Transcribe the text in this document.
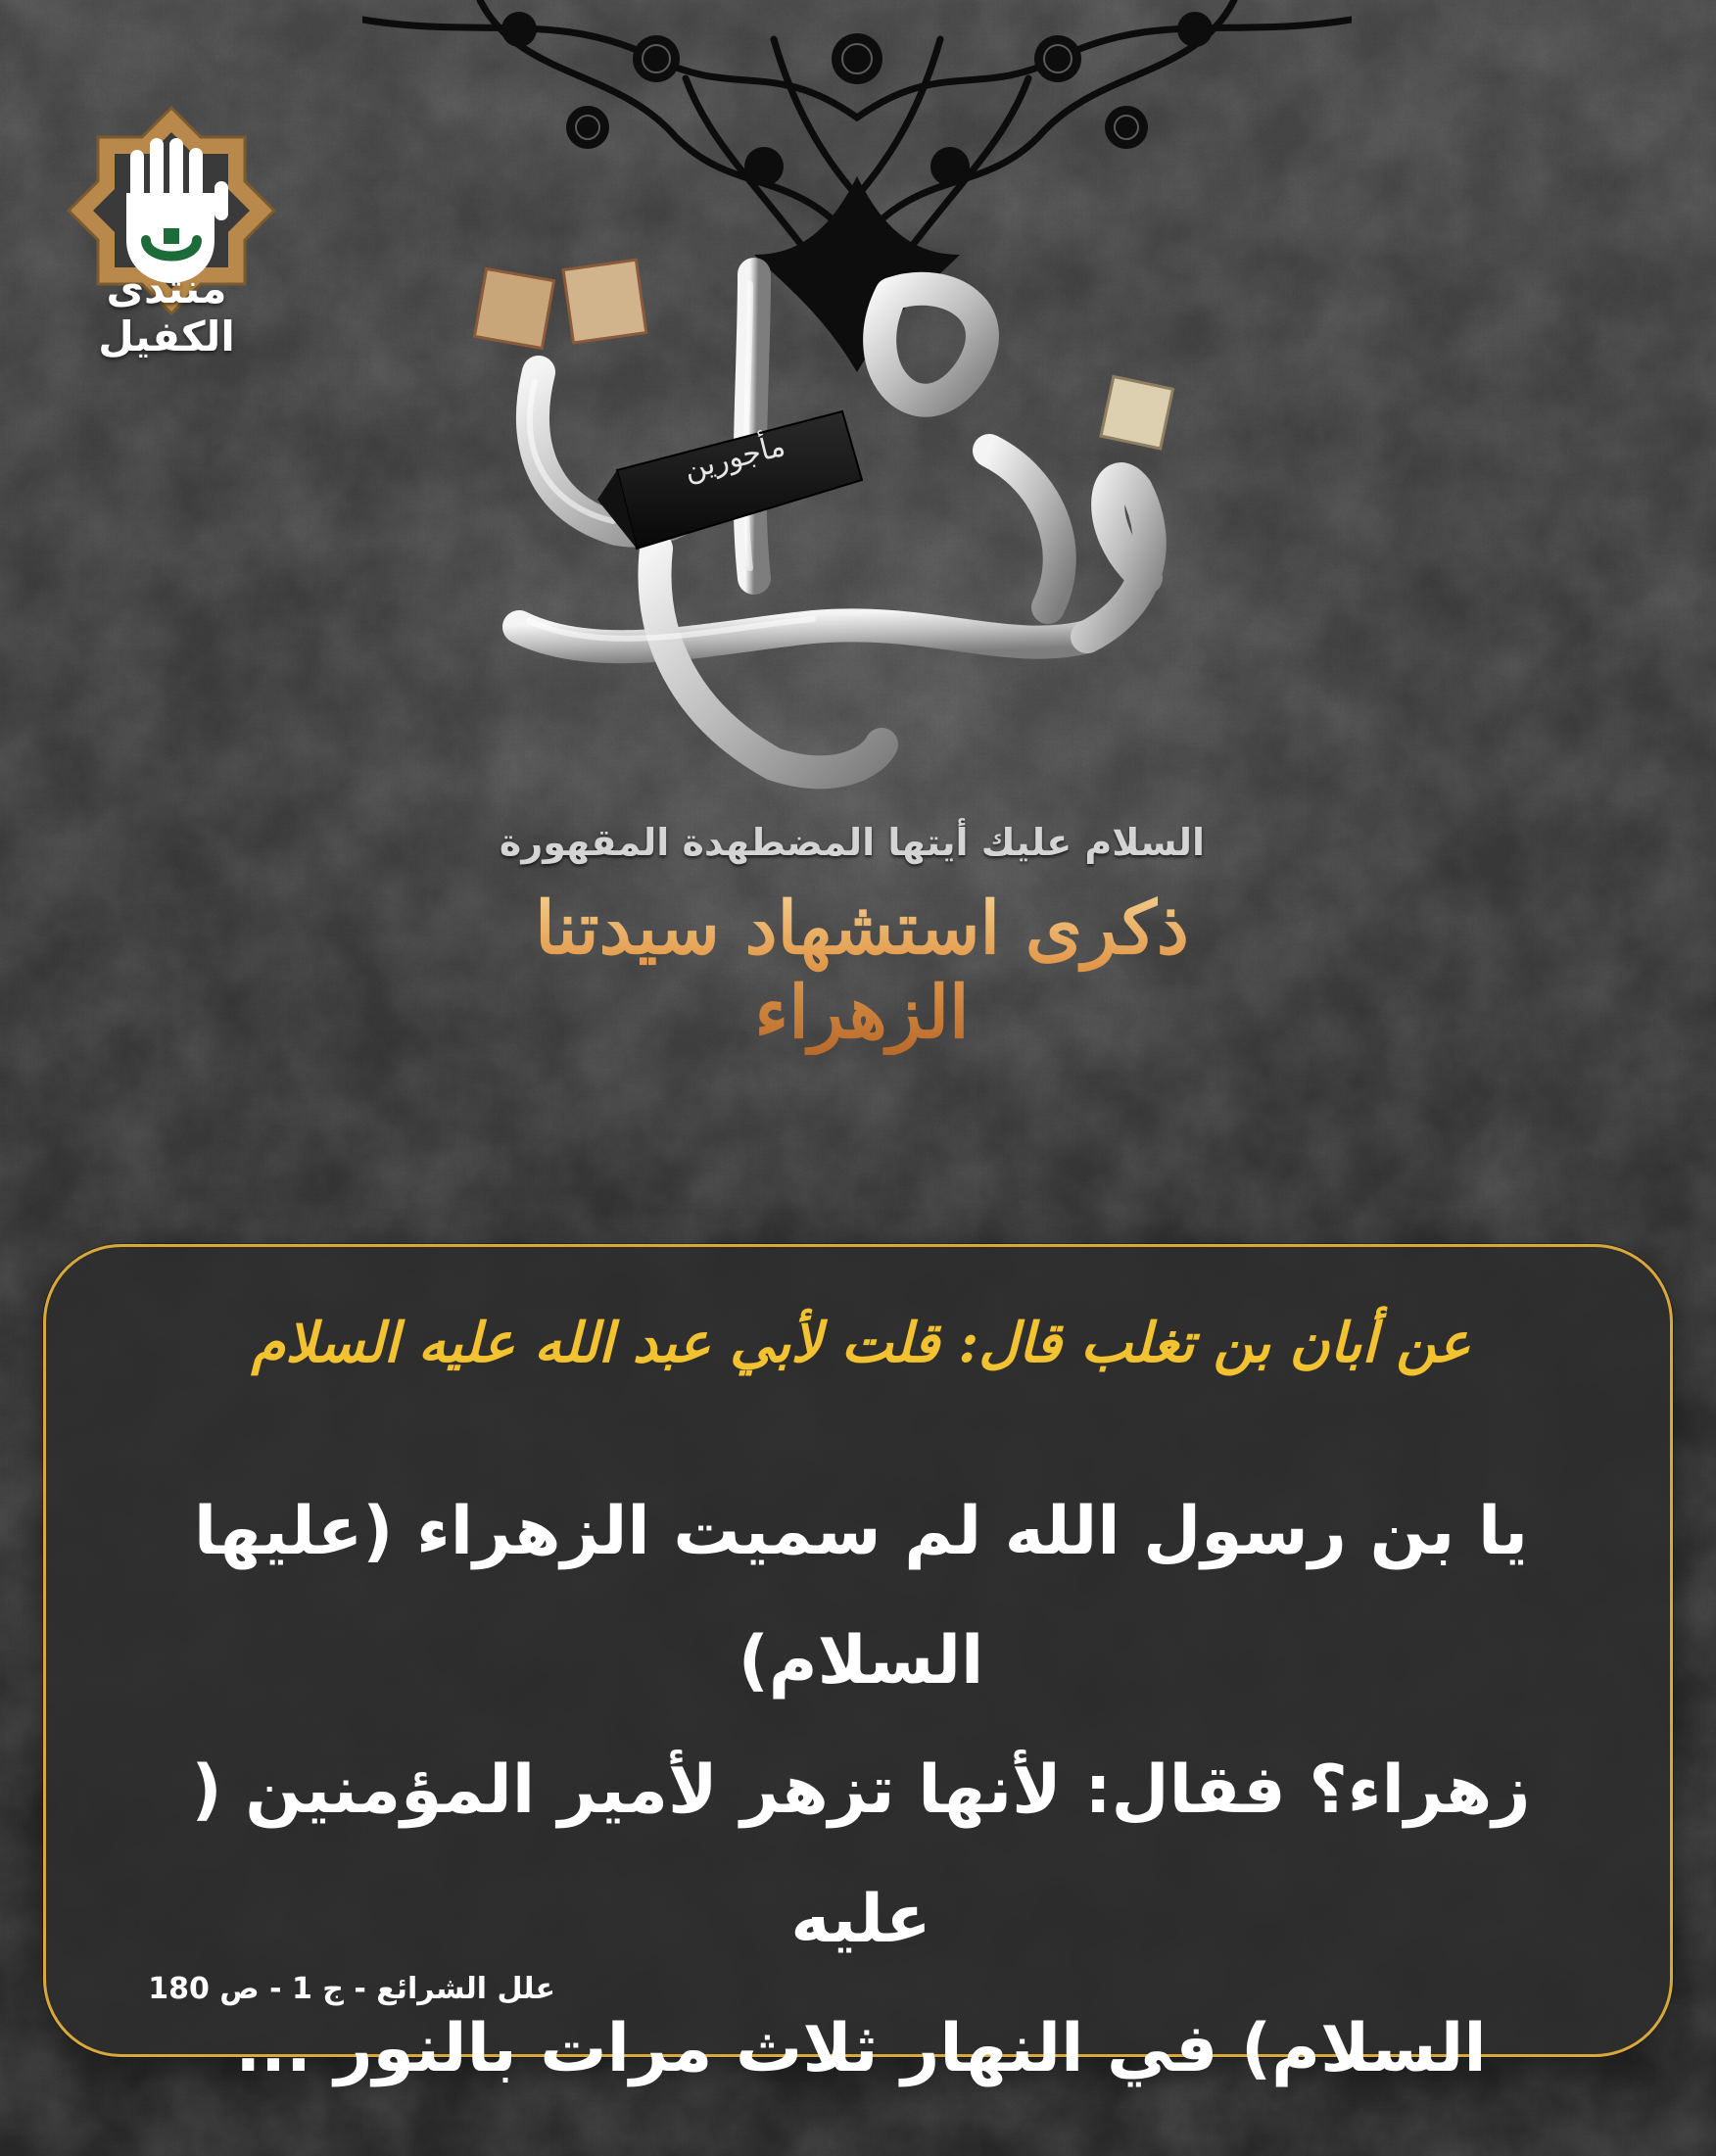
منتدى الكفيل
مأجورين
السلام عليك أيتها المضطهدة المقهورة
ذكرى استشهاد سيدتنا الزهراء
عن أبان بن تغلب قال: قلت لأبي عبد الله عليه السلام
يا بن رسول الله لم سميت الزهراء (عليها السلام)
زهراء؟ فقال: لأنها تزهر لأمير المؤمنين ( عليه
السلام) في النهار ثلاث مرات بالنور ...
علل الشرائع - ج 1 - ص 180
